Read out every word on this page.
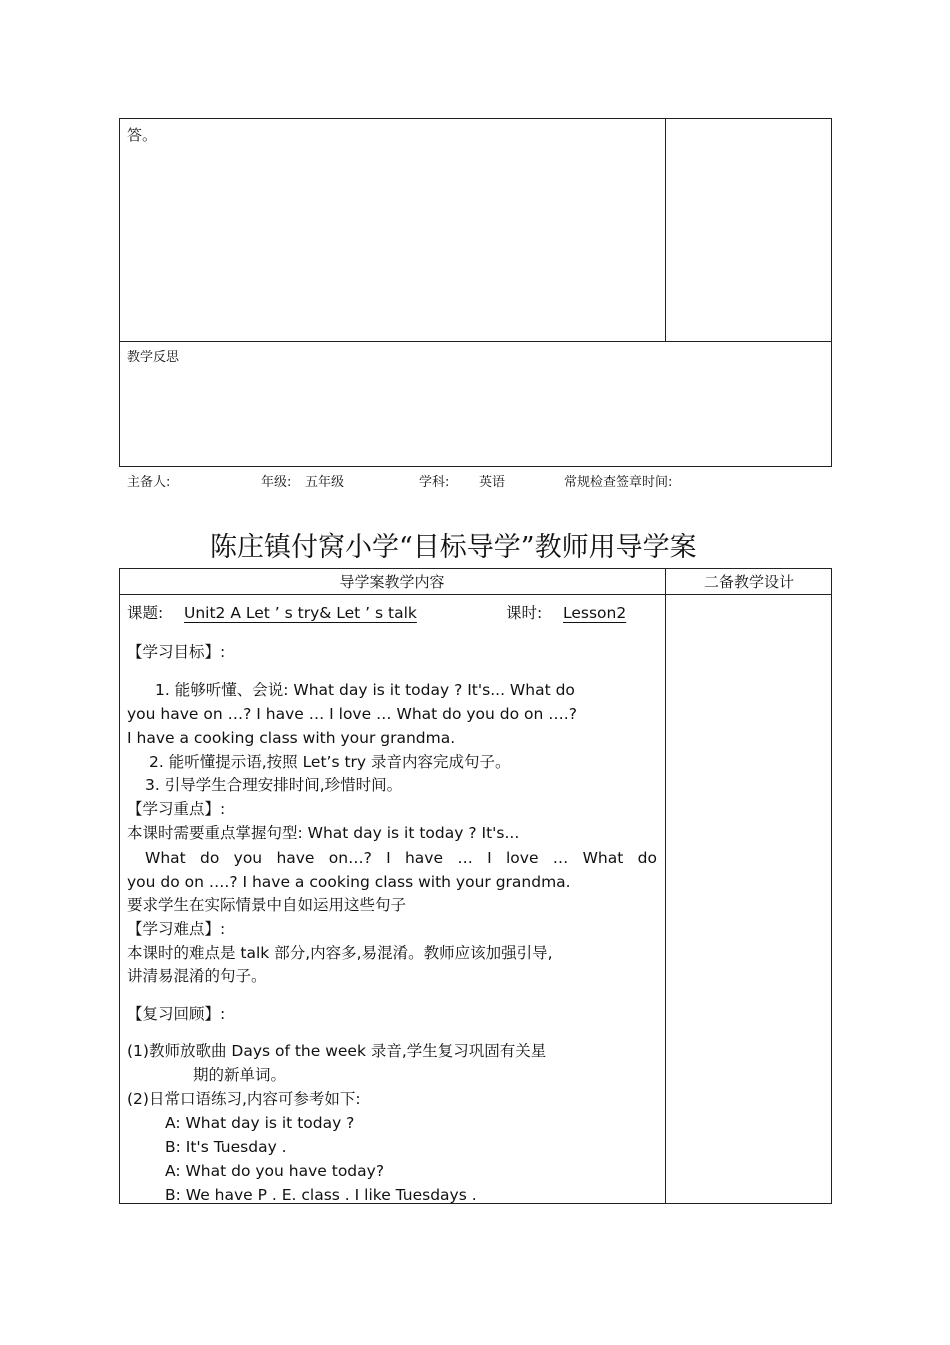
答。
教学反思
主备人:	年级: 五年级	学科: 英语	常规检查签章时间:
陈庄镇付窝小学“目标导学”教师用导学案
导学案教学内容	二备教学设计
课题: Unit2 A Let ’ s try& Let ’ s talk	课时: Lesson2
【学习目标】:
1. 能够听懂、会说: What day is it today ? It's... What do
you have on …? I have … I love … What do you do on ….?
I have a cooking class with your grandma.
2. 能听懂提示语,按照 Let’s try 录音内容完成句子。
3. 引导学生合理安排时间,珍惜时间。
【学习重点】:
本课时需要重点掌握句型: What day is it today ? It's...
What do you have on…? I have … I love … What do
you do on ….? I have a cooking class with your grandma.
要求学生在实际情景中自如运用这些句子
【学习难点】:
本课时的难点是 talk 部分,内容多,易混淆。教师应该加强引导,
讲清易混淆的句子。
【复习回顾】:
(1)教师放歌曲 Days of the week 录音,学生复习巩固有关星
期的新单词。
(2)日常口语练习,内容可参考如下:
A: What day is it today ?
B: It's Tuesday .
A: What do you have today?
B: We have P . E. class . I like Tuesdays .
